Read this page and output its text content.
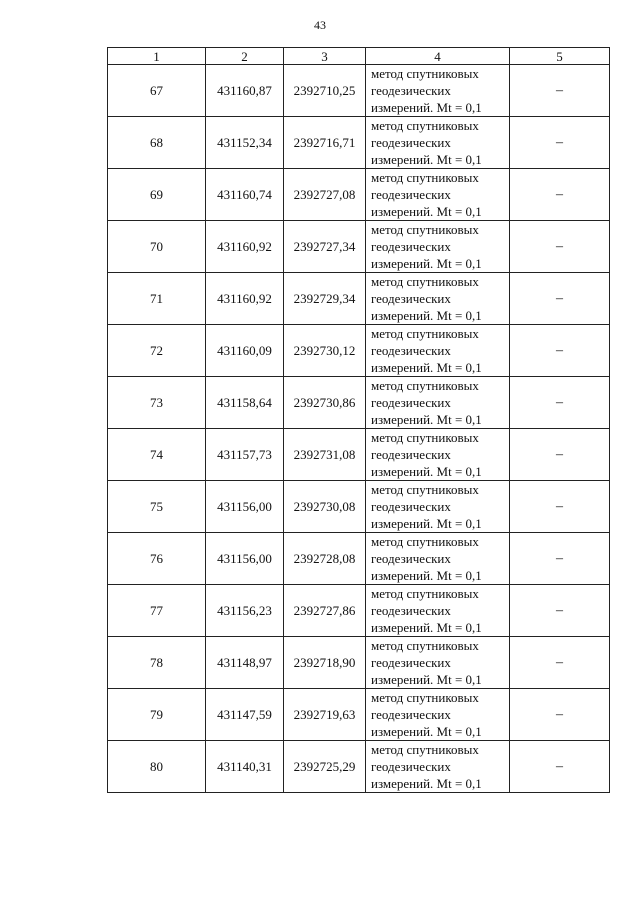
43
1	2	3	4	5
67	431160,87	2392710,25	метод спутниковых
геодезических
измерений. Mt = 0,1	–
68	431152,34	2392716,71	метод спутниковых
геодезических
измерений. Mt = 0,1	–
69	431160,74	2392727,08	метод спутниковых
геодезических
измерений. Mt = 0,1	–
70	431160,92	2392727,34	метод спутниковых
геодезических
измерений. Mt = 0,1	–
71	431160,92	2392729,34	метод спутниковых
геодезических
измерений. Mt = 0,1	–
72	431160,09	2392730,12	метод спутниковых
геодезических
измерений. Mt = 0,1	–
73	431158,64	2392730,86	метод спутниковых
геодезических
измерений. Mt = 0,1	–
74	431157,73	2392731,08	метод спутниковых
геодезических
измерений. Mt = 0,1	–
75	431156,00	2392730,08	метод спутниковых
геодезических
измерений. Mt = 0,1	–
76	431156,00	2392728,08	метод спутниковых
геодезических
измерений. Mt = 0,1	–
77	431156,23	2392727,86	метод спутниковых
геодезических
измерений. Mt = 0,1	–
78	431148,97	2392718,90	метод спутниковых
геодезических
измерений. Mt = 0,1	–
79	431147,59	2392719,63	метод спутниковых
геодезических
измерений. Mt = 0,1	–
80	431140,31	2392725,29	метод спутниковых
геодезических
измерений. Mt = 0,1	–
